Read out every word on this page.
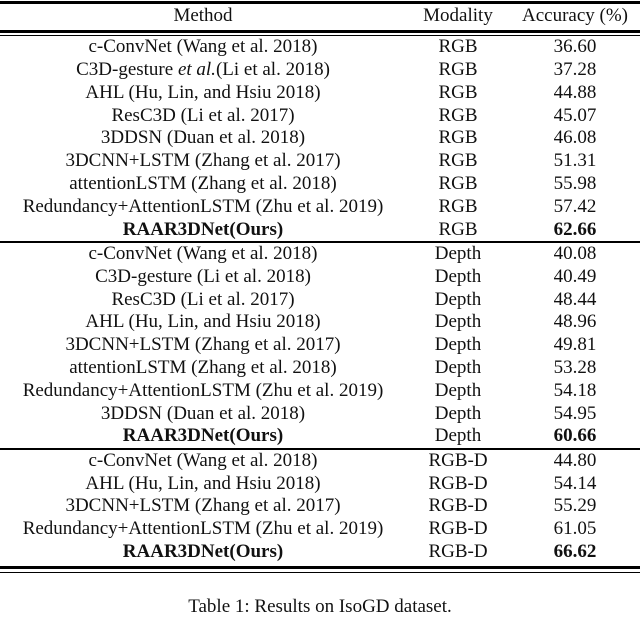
Method	Modality	Accuracy (%)
c-ConvNet (Wang et al. 2018)	RGB	36.60
C3D-gesture et al.(Li et al. 2018)	RGB	37.28
AHL (Hu, Lin, and Hsiu 2018)	RGB	44.88
ResC3D (Li et al. 2017)	RGB	45.07
3DDSN (Duan et al. 2018)	RGB	46.08
3DCNN+LSTM (Zhang et al. 2017)	RGB	51.31
attentionLSTM (Zhang et al. 2018)	RGB	55.98
Redundancy+AttentionLSTM (Zhu et al. 2019)	RGB	57.42
RAAR3DNet(Ours)	RGB	62.66
c-ConvNet (Wang et al. 2018)	Depth	40.08
C3D-gesture (Li et al. 2018)	Depth	40.49
ResC3D (Li et al. 2017)	Depth	48.44
AHL (Hu, Lin, and Hsiu 2018)	Depth	48.96
3DCNN+LSTM (Zhang et al. 2017)	Depth	49.81
attentionLSTM (Zhang et al. 2018)	Depth	53.28
Redundancy+AttentionLSTM (Zhu et al. 2019)	Depth	54.18
3DDSN (Duan et al. 2018)	Depth	54.95
RAAR3DNet(Ours)	Depth	60.66
c-ConvNet (Wang et al. 2018)	RGB-D	44.80
AHL (Hu, Lin, and Hsiu 2018)	RGB-D	54.14
3DCNN+LSTM (Zhang et al. 2017)	RGB-D	55.29
Redundancy+AttentionLSTM (Zhu et al. 2019)	RGB-D	61.05
RAAR3DNet(Ours)	RGB-D	66.62
Table 1: Results on IsoGD dataset.
